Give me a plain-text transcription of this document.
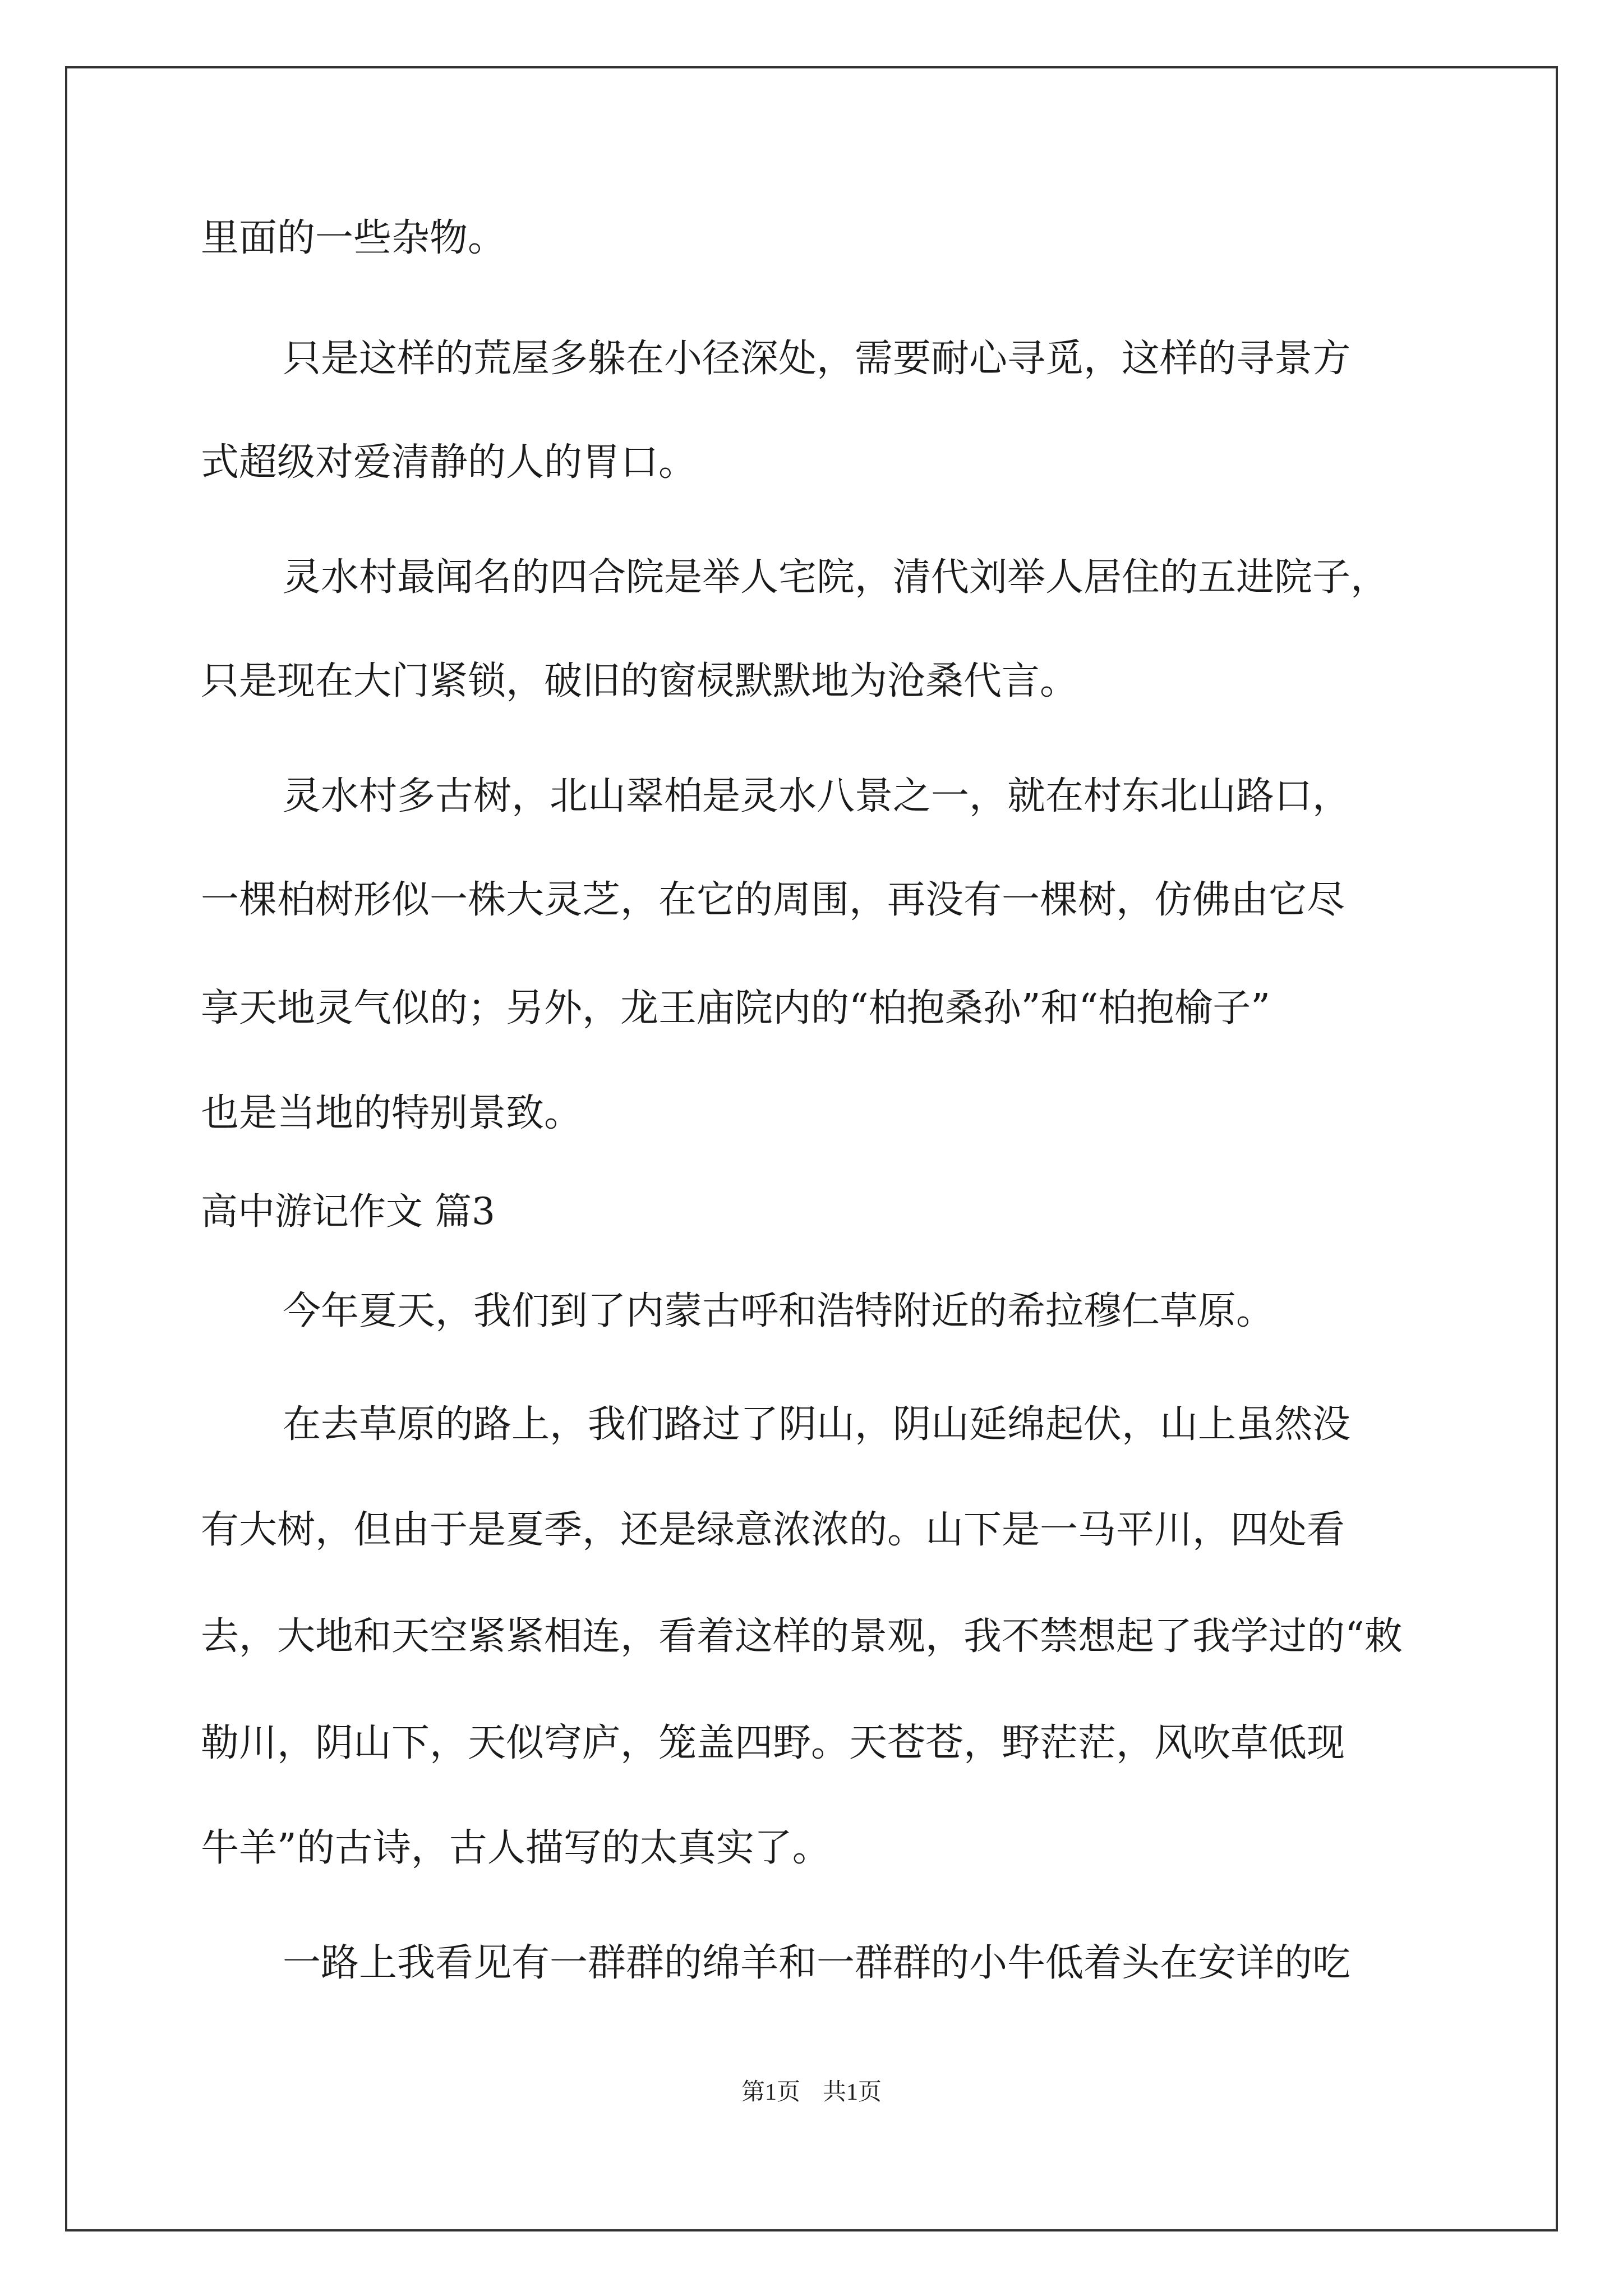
里面的一些杂物。
只是这样的荒屋多躲在小径深处，需要耐心寻觅，这样的寻景方
式超级对爱清静的人的胃口。
灵水村最闻名的四合院是举人宅院，清代刘举人居住的五进院子，
只是现在大门紧锁，破旧的窗棂默默地为沧桑代言。
灵水村多古树，北山翠柏是灵水八景之一，就在村东北山路口，
一棵柏树形似一株大灵芝，在它的周围，再没有一棵树，仿佛由它尽
享天地灵气似的；另外，龙王庙院内的“柏抱桑孙”和“柏抱榆子”
也是当地的特别景致。
高中游记作文 篇3
今年夏天，我们到了内蒙古呼和浩特附近的希拉穆仁草原。
在去草原的路上，我们路过了阴山，阴山延绵起伏，山上虽然没
有大树，但由于是夏季，还是绿意浓浓的。山下是一马平川，四处看
去，大地和天空紧紧相连，看着这样的景观，我不禁想起了我学过的“敕
勒川，阴山下，天似穹庐，笼盖四野。天苍苍，野茫茫，风吹草低现
牛羊”的古诗，古人描写的太真实了。
一路上我看见有一群群的绵羊和一群群的小牛低着头在安详的吃
第1页 共1页
